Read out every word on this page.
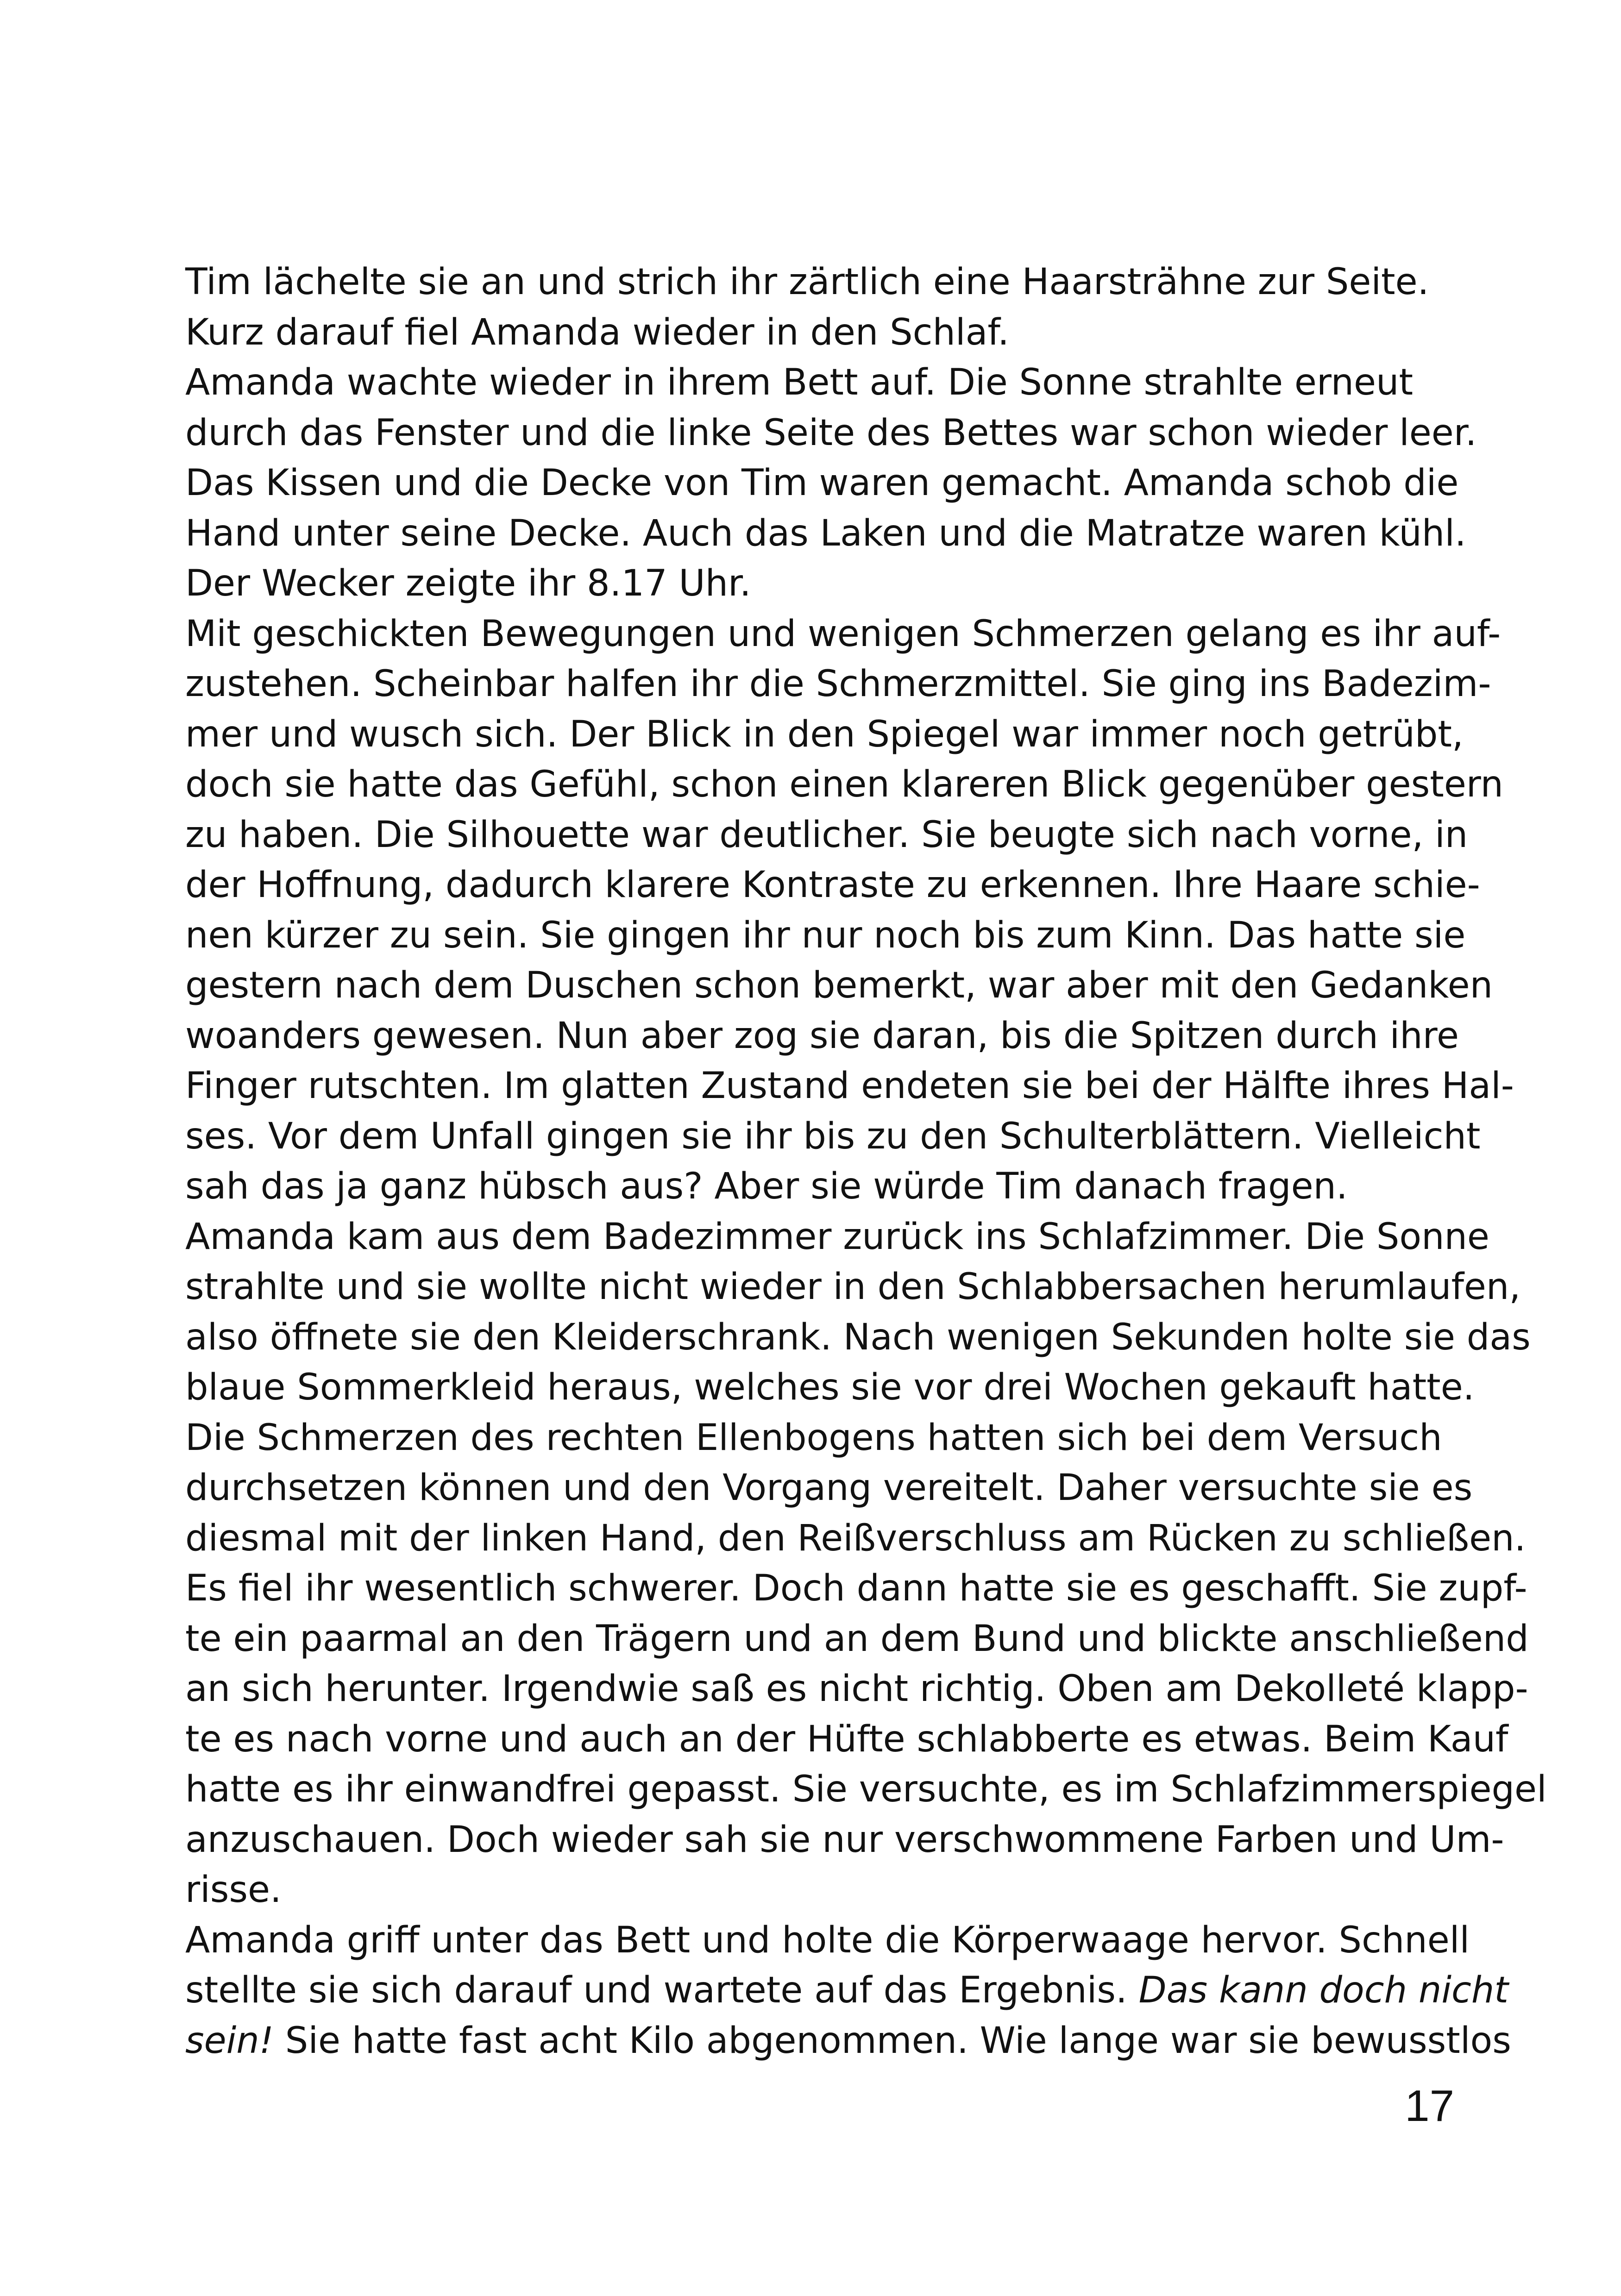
Tim lächelte sie an und strich ihr zärtlich eine Haarsträhne zur Seite.
Kurz darauf fiel Amanda wieder in den Schlaf.
Amanda wachte wieder in ihrem Bett auf. Die Sonne strahlte erneut
durch das Fenster und die linke Seite des Bettes war schon wieder leer.
Das Kissen und die Decke von Tim waren gemacht. Amanda schob die
Hand unter seine Decke. Auch das Laken und die Matratze waren kühl.
Der Wecker zeigte ihr 8.17 Uhr.
Mit geschickten Bewegungen und wenigen Schmerzen gelang es ihr auf-
zustehen. Scheinbar halfen ihr die Schmerzmittel. Sie ging ins Badezim-
mer und wusch sich. Der Blick in den Spiegel war immer noch getrübt,
doch sie hatte das Gefühl, schon einen klareren Blick gegenüber gestern
zu haben. Die Silhouette war deutlicher. Sie beugte sich nach vorne, in
der Hoffnung, dadurch klarere Kontraste zu erkennen. Ihre Haare schie-
nen kürzer zu sein. Sie gingen ihr nur noch bis zum Kinn. Das hatte sie
gestern nach dem Duschen schon bemerkt, war aber mit den Gedanken
woanders gewesen. Nun aber zog sie daran, bis die Spitzen durch ihre
Finger rutschten. Im glatten Zustand endeten sie bei der Hälfte ihres Hal-
ses. Vor dem Unfall gingen sie ihr bis zu den Schulterblättern. Vielleicht
sah das ja ganz hübsch aus? Aber sie würde Tim danach fragen.
Amanda kam aus dem Badezimmer zurück ins Schlafzimmer. Die Sonne
strahlte und sie wollte nicht wieder in den Schlabbersachen herumlaufen,
also öffnete sie den Kleiderschrank. Nach wenigen Sekunden holte sie das
blaue Sommerkleid heraus, welches sie vor drei Wochen gekauft hatte.
Die Schmerzen des rechten Ellenbogens hatten sich bei dem Versuch
durchsetzen können und den Vorgang vereitelt. Daher versuchte sie es
diesmal mit der linken Hand, den Reißverschluss am Rücken zu schließen.
Es fiel ihr wesentlich schwerer. Doch dann hatte sie es geschafft. Sie zupf-
te ein paarmal an den Trägern und an dem Bund und blickte anschließend
an sich herunter. Irgendwie saß es nicht richtig. Oben am Dekolleté klapp-
te es nach vorne und auch an der Hüfte schlabberte es etwas. Beim Kauf
hatte es ihr einwandfrei gepasst. Sie versuchte, es im Schlafzimmerspiegel
anzuschauen. Doch wieder sah sie nur verschwommene Farben und Um-
risse.
Amanda griff unter das Bett und holte die Körperwaage hervor. Schnell
stellte sie sich darauf und wartete auf das Ergebnis. Das kann doch nicht
sein! Sie hatte fast acht Kilo abgenommen. Wie lange war sie bewusstlos
17
